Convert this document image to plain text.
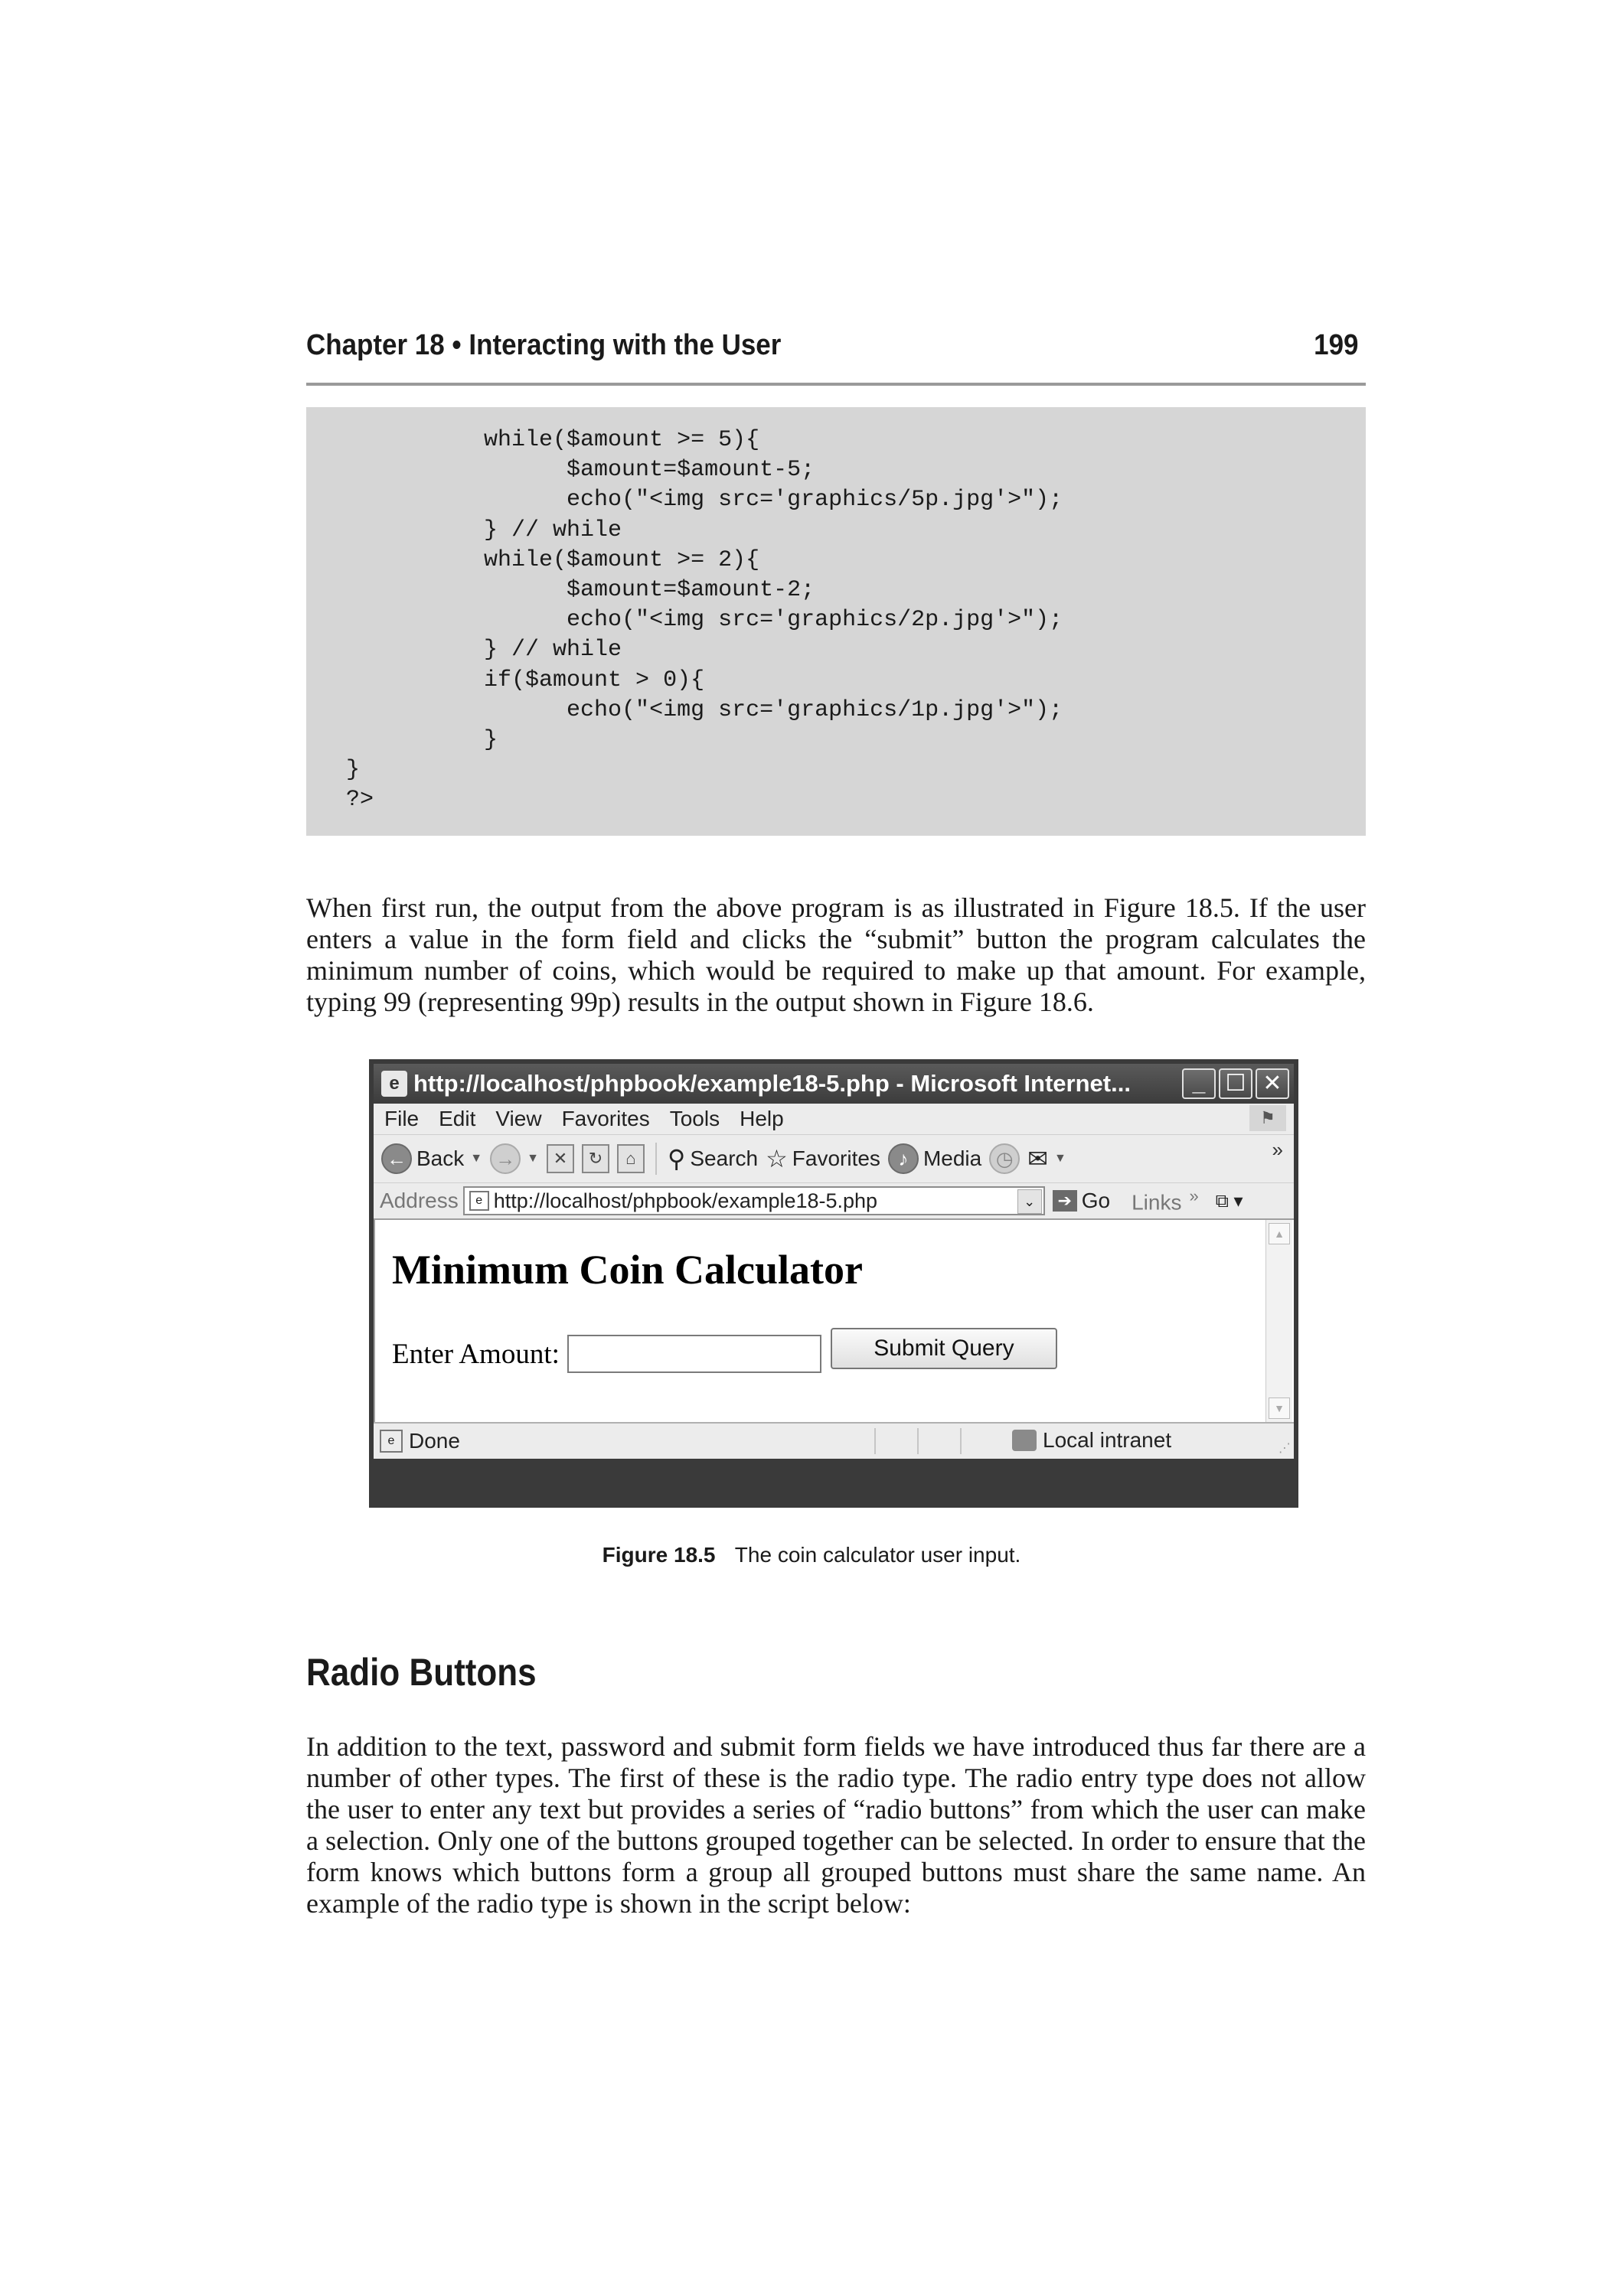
Chapter 18 • Interacting with the User	199
while($amount >= 5){
$amount=$amount-5;
echo("<img src='graphics/5p.jpg'>");
} // while
while($amount >= 2){
$amount=$amount-2;
echo("<img src='graphics/2p.jpg'>");
} // while
if($amount > 0){
echo("<img src='graphics/1p.jpg'>");
}
}
?>

When first run, the output from the above program is as illustrated in Figure 18.5. If the user enters a value in the form field and clicks the “submit” button the program calculates the minimum number of coins, which would be required to make up that amount. For example, typing 99 (representing 99p) results in the output shown in Figure 18.6.

e http://localhost/phpbook/example18-5.php - Microsoft Internet...	_ ☐ ✕
File Edit View Favorites Tools Help	⚑
← Back ▼ → ▼ ✕	↻	⌂	⚲ Search ☆ Favorites ♪ Media ◷ ✉ ▼	»
Address	e http://localhost/phpbook/example18-5.php	⌄	➔ Go Links » ⧉ ▾
Minimum Coin Calculator
Enter Amount:	Submit Query
▲
▼
e Done	Local intranet	⋰
Figure 18.5 The coin calculator user input.
Radio Buttons

In addition to the text, password and submit form fields we have introduced thus far there are a number of other types. The first of these is the radio type. The radio entry type does not allow the user to enter any text but provides a series of “radio buttons” from which the user can make a selection. Only one of the buttons grouped together can be selected. In order to ensure that the form knows which buttons form a group all grouped buttons must share the same name. An example of the radio type is shown in the script below:
